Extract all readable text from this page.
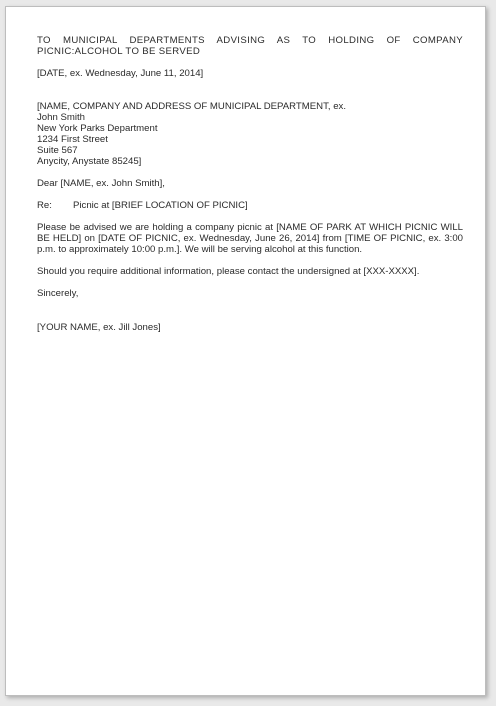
TO MUNICIPAL DEPARTMENTS ADVISING AS TO HOLDING OF COMPANY PICNIC:ALCOHOL TO BE SERVED

[DATE, ex. Wednesday, June 11, 2014]

[NAME, COMPANY AND ADDRESS OF MUNICIPAL DEPARTMENT, ex.
John Smith
New York Parks Department
1234 First Street
Suite 567
Anycity, Anystate 85245]

Dear [NAME, ex. John Smith],

Re: Picnic at [BRIEF LOCATION OF PICNIC]

Please be advised we are holding a company picnic at [NAME OF PARK AT WHICH PICNIC WILL BE HELD] on [DATE OF PICNIC, ex. Wednesday, June 26, 2014] from [TIME OF PICNIC, ex. 3:00 p.m. to approximately 10:00 p.m.]. We will be serving alcohol at this function.

Should you require additional information, please contact the undersigned at [XXX-XXXX].

Sincerely,

[YOUR NAME, ex. Jill Jones]
